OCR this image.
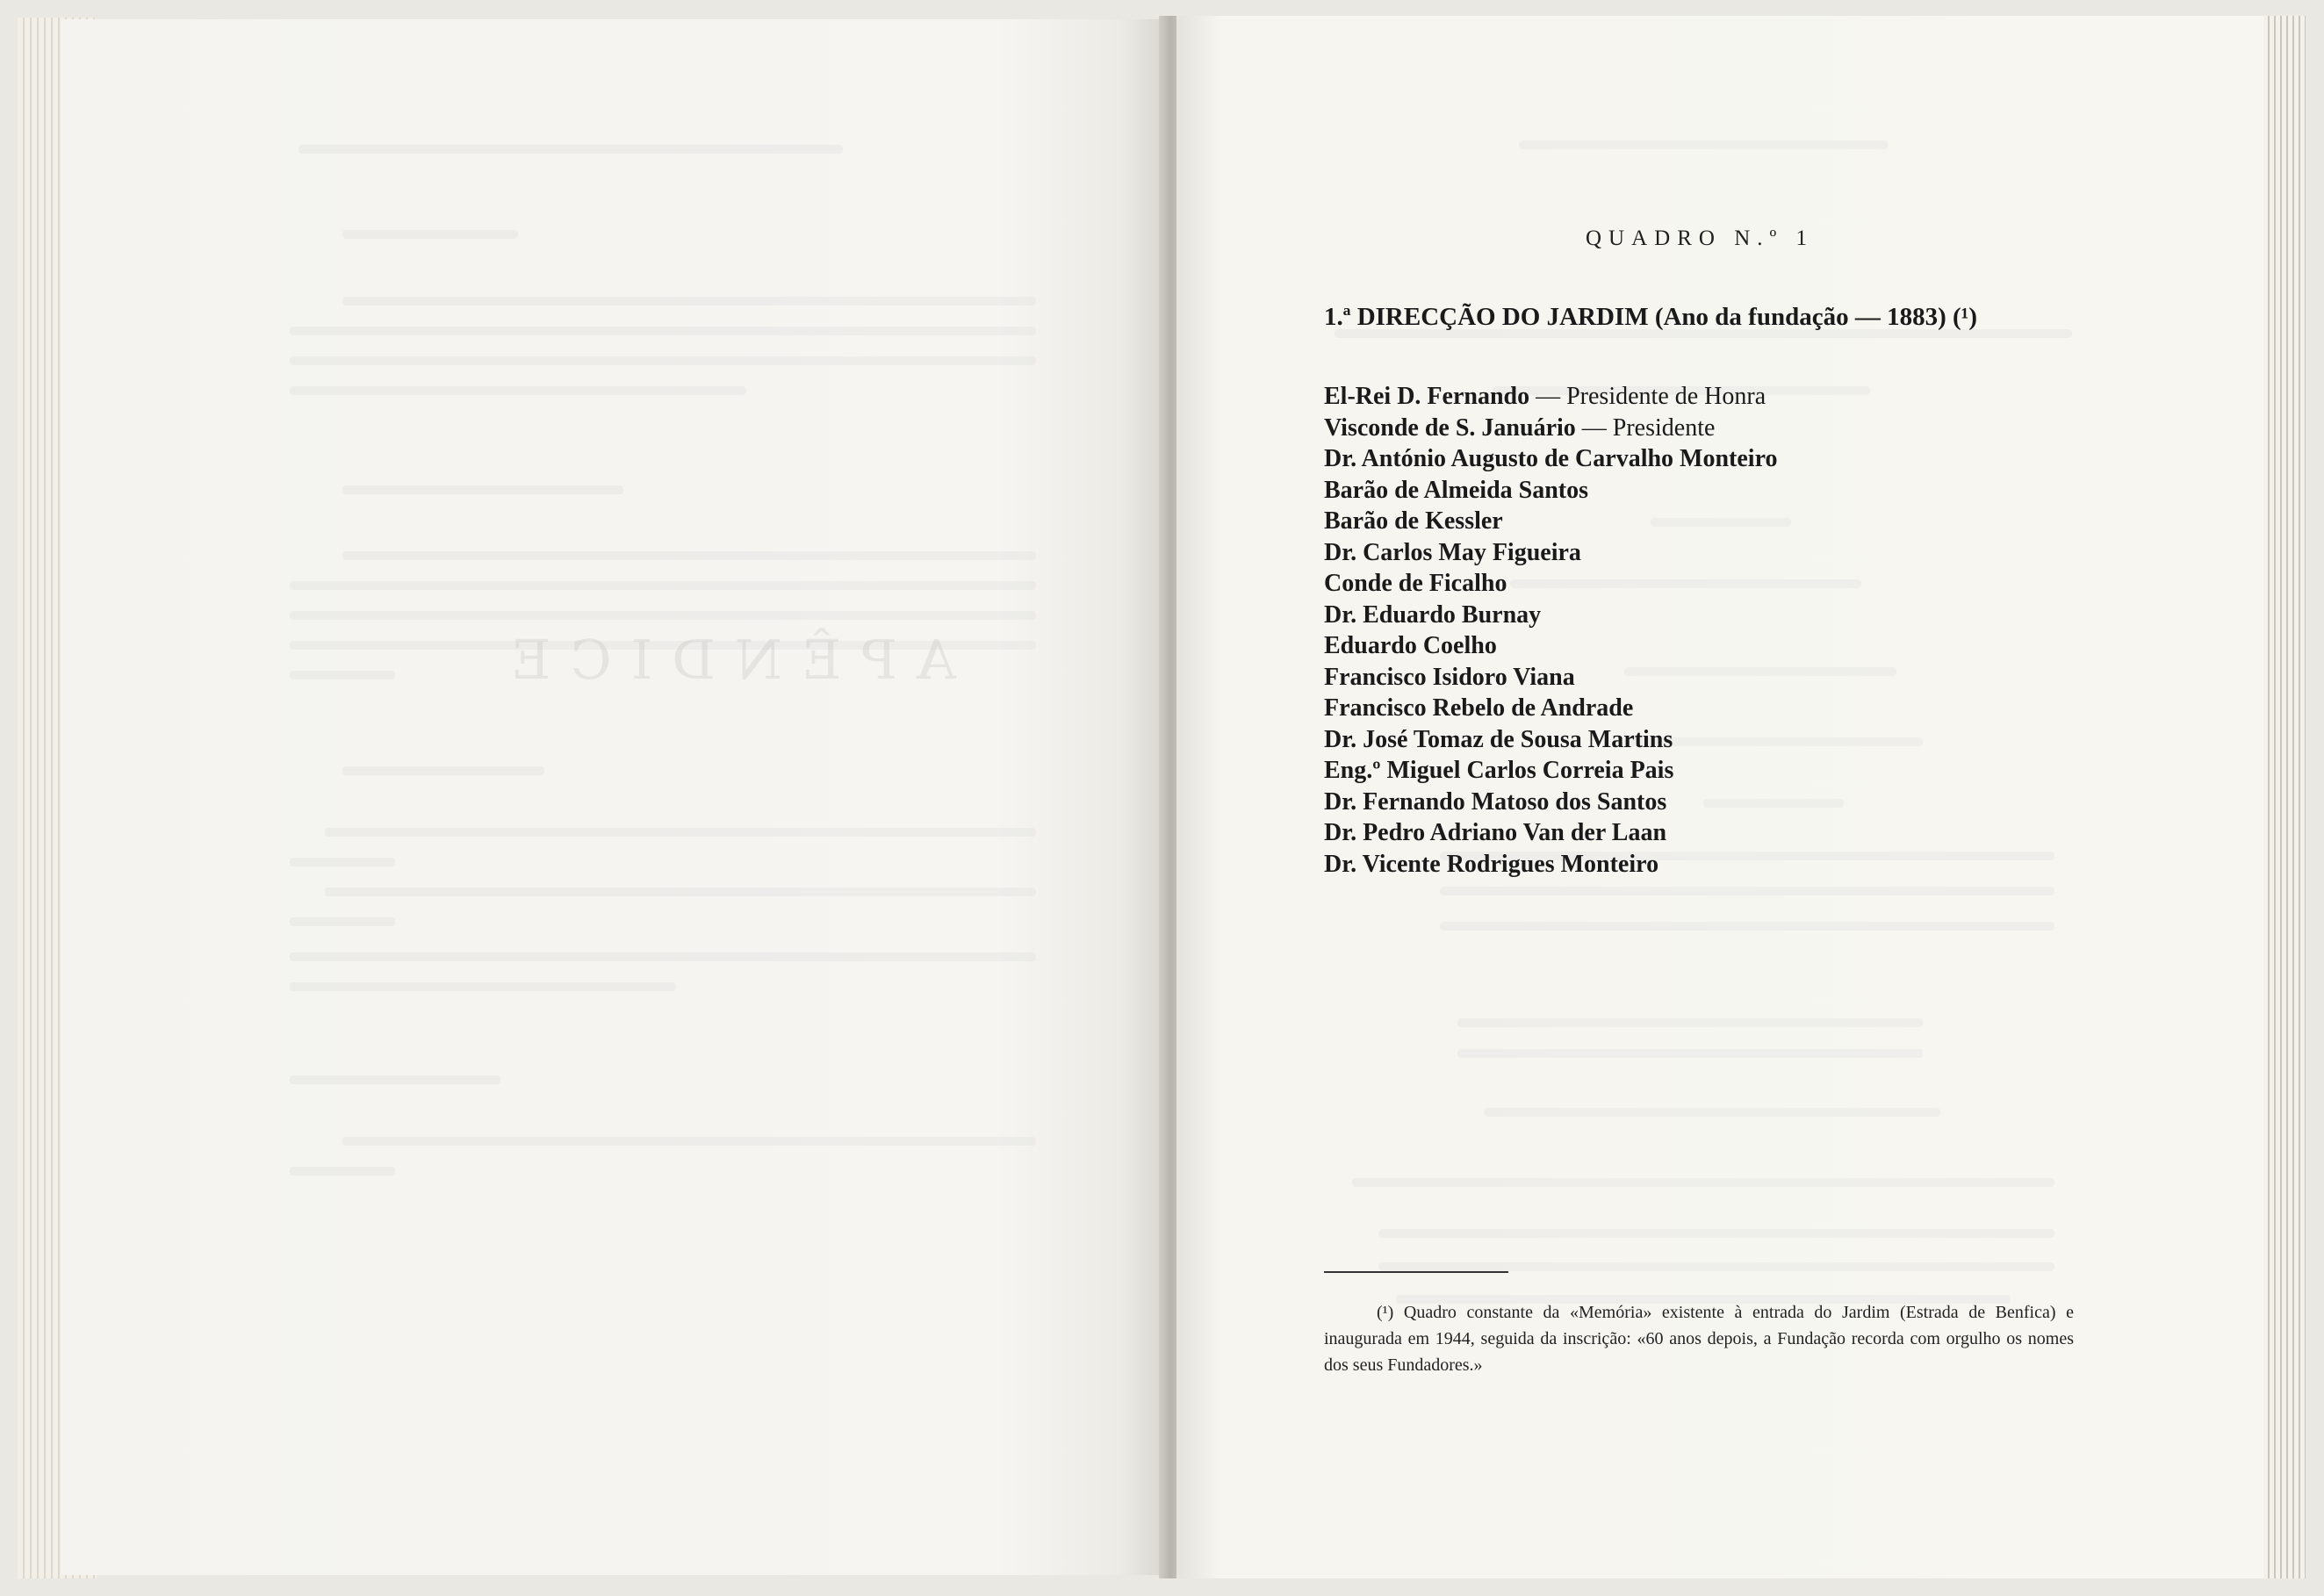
APÊNDICE
QUADRO N.º 1
1.ª DIRECÇÃO DO JARDIM (Ano da fundação — 1883) (¹)
El-Rei D. Fernando — Presidente de Honra
Visconde de S. Januário — Presidente
Dr. António Augusto de Carvalho Monteiro
Barão de Almeida Santos
Barão de Kessler
Dr. Carlos May Figueira
Conde de Ficalho
Dr. Eduardo Burnay
Eduardo Coelho
Francisco Isidoro Viana
Francisco Rebelo de Andrade
Dr. José Tomaz de Sousa Martins
Eng.º Miguel Carlos Correia Pais
Dr. Fernando Matoso dos Santos
Dr. Pedro Adriano Van der Laan
Dr. Vicente Rodrigues Monteiro
(¹) Quadro constante da «Memória» existente à entrada do Jardim (Estrada de Benfica) e inaugurada em 1944, seguida da inscrição: «60 anos depois, a Fundação recorda com orgulho os nomes dos seus Fundadores.»
